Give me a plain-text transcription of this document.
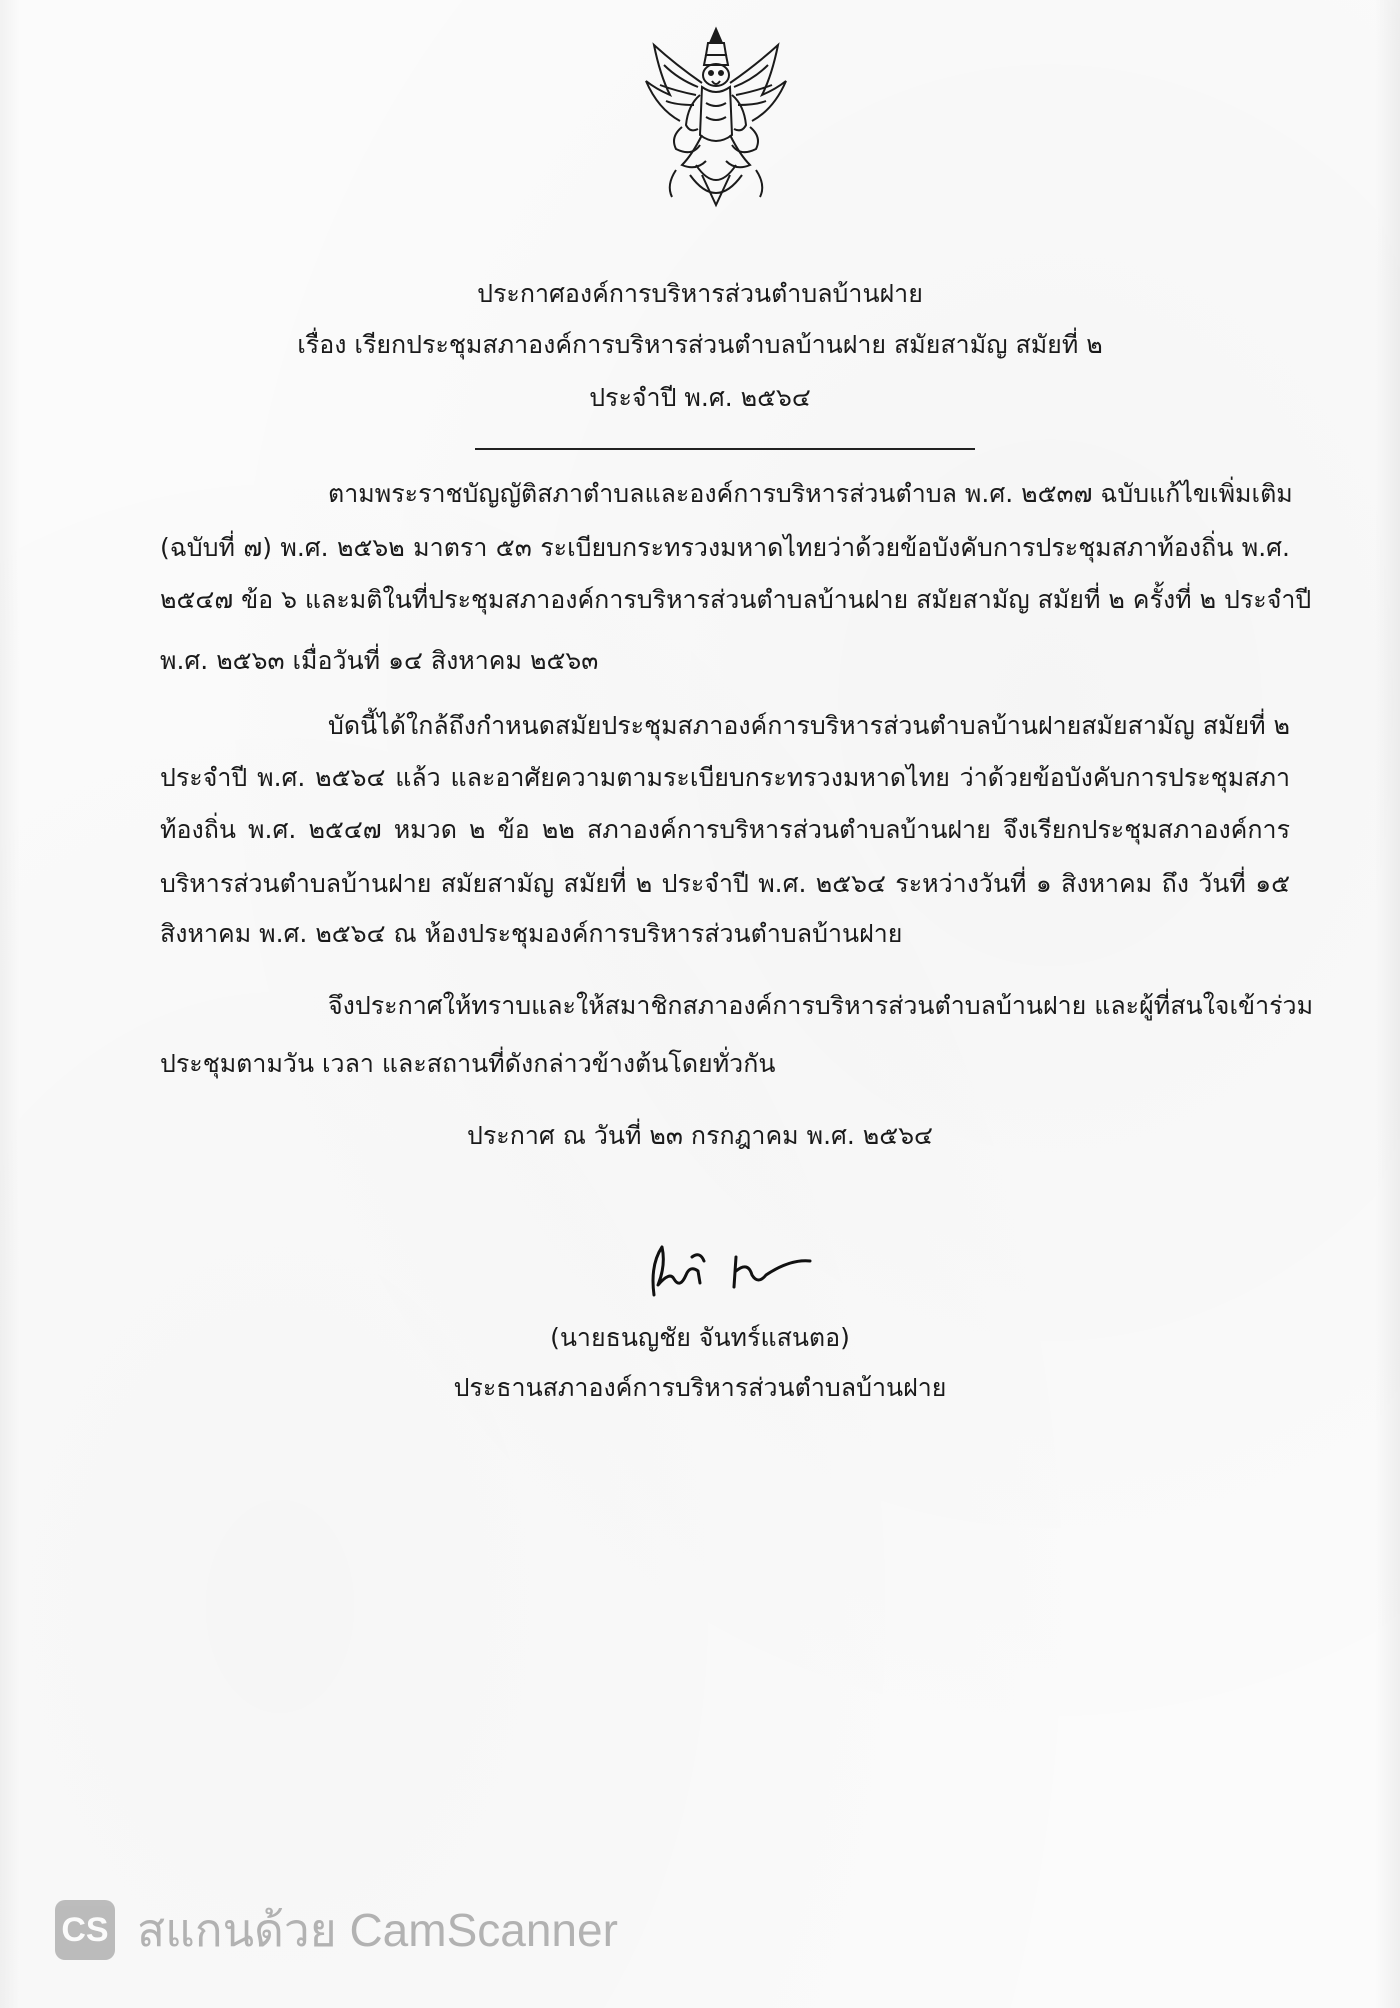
ประกาศองค์การบริหารส่วนตำบลบ้านฝาย
เรื่อง เรียกประชุมสภาองค์การบริหารส่วนตำบลบ้านฝาย สมัยสามัญ สมัยที่ ๒
ประจำปี พ.ศ. ๒๕๖๔
ตามพระราชบัญญัติสภาตำบลและองค์การบริหารส่วนตำบล พ.ศ. ๒๕๓๗ ฉบับแก้ไขเพิ่มเติม
(ฉบับที่ ๗) พ.ศ. ๒๕๖๒ มาตรา ๕๓ ระเบียบกระทรวงมหาดไทยว่าด้วยข้อบังคับการประชุมสภาท้องถิ่น พ.ศ.
๒๕๔๗ ข้อ ๖ และมติในที่ประชุมสภาองค์การบริหารส่วนตำบลบ้านฝาย สมัยสามัญ สมัยที่ ๒ ครั้งที่ ๒ ประจำปี
พ.ศ. ๒๕๖๓ เมื่อวันที่ ๑๔ สิงหาคม ๒๕๖๓
บัดนี้ได้ใกล้ถึงกำหนดสมัยประชุมสภาองค์การบริหารส่วนตำบลบ้านฝายสมัยสามัญ สมัยที่ ๒
ประจำปี พ.ศ. ๒๕๖๔ แล้ว และอาศัยความตามระเบียบกระทรวงมหาดไทย ว่าด้วยข้อบังคับการประชุมสภา
ท้องถิ่น พ.ศ. ๒๕๔๗ หมวด ๒ ข้อ ๒๒ สภาองค์การบริหารส่วนตำบลบ้านฝาย จึงเรียกประชุมสภาองค์การ
บริหารส่วนตำบลบ้านฝาย สมัยสามัญ สมัยที่ ๒ ประจำปี พ.ศ. ๒๕๖๔ ระหว่างวันที่ ๑ สิงหาคม ถึง วันที่ ๑๕
สิงหาคม พ.ศ. ๒๕๖๔ ณ ห้องประชุมองค์การบริหารส่วนตำบลบ้านฝาย
จึงประกาศให้ทราบและให้สมาชิกสภาองค์การบริหารส่วนตำบลบ้านฝาย และผู้ที่สนใจเข้าร่วม
ประชุมตามวัน เวลา และสถานที่ดังกล่าวข้างต้นโดยทั่วกัน
ประกาศ ณ วันที่ ๒๓ กรกฎาคม พ.ศ. ๒๕๖๔
(นายธนญชัย จันทร์แสนตอ)
ประธานสภาองค์การบริหารส่วนตำบลบ้านฝาย
CS สแกนด้วย CamScanner
